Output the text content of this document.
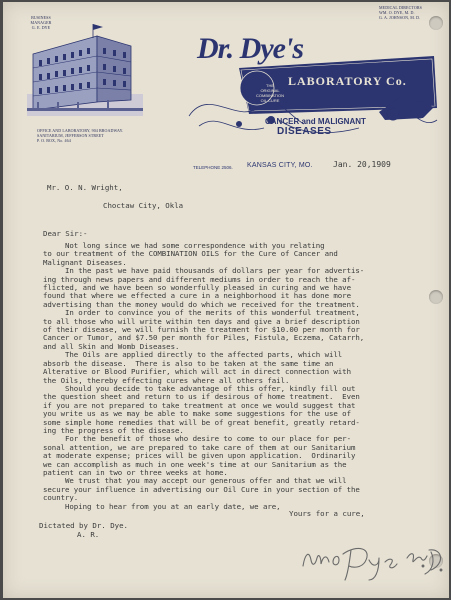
BUSINESS MANAGER
G. E. DYE
MEDICAL DIRECTORS
WM. O. DYE, M. D.
G. A. JOHNSON, M. D.
OFFICE AND LABORATORY, 904 BROADWAY.
SANITARIUM, JEFFERSON STREET
P. O. BOX, No. 464
Dr. Dye's
LABORATORY Co.
THE
ORIGINAL
COMBINATION
OIL CURE
CANCER and MALIGNANT
DISEASES
TELEPHONE 2506. KANSAS CITY, MO.	Jan. 20,1909
Mr. O. N. Wright,
Choctaw City, Okla
Dear Sir:-
Not long since we had some correspondence with you relating
to our treatment of the COMBINATION OILS for the Cure of Cancer and
Malignant Diseases.
In the past we have paid thousands of dollars per year for advertis-
ing through news papers and different mediums in order to reach the af-
flicted, and we have been so wonderfully pleased in curing and we have
found that where we effected a cure in a neighborhood it has done more
advertising than the money would do which we received for the treatment.
In order to convince you of the merits of this wonderful treatment,
to all those who will write within ten days and give a brief description
of their disease, we will furnish the treatment for $10.00 per month for
Cancer or Tumor, and $7.50 per month for Piles, Fistula, Eczema, Catarrh,
and all Skin and Womb Diseases.
The Oils are applied directly to the affected parts, which will
absorb the disease.  There is also to be taken at the same time an
Alterative or Blood Purifier, which will act in direct connection with
the Oils, thereby effecting cures where all others fail.
Should you decide to take advantage of this offer, kindly fill out
the question sheet and return to us if desirous of home treatment.  Even
if you are not prepared to take treatment at once we would suggest that
you write us as we may be able to make some suggestions for the use of
some simple home remedies that will be of great benefit, greatly retard-
ing the progress of the disease.
For the benefit of those who desire to come to our place for per-
sonal attention, we are prepared to take care of them at our Sanitarium
at moderate expense; prices will be given upon application.  Ordinarily
we can accomplish as much in one week's time at our Sanitarium as the
patient can in two or three weeks at home.
We trust that you may accept our generous offer and that we will
secure your influence in advertising our Oil Cure in your section of the
country.
Hoping to hear from you at an early date, we are,
Yours for a cure,
Dictated by Dr. Dye.
A. R.
